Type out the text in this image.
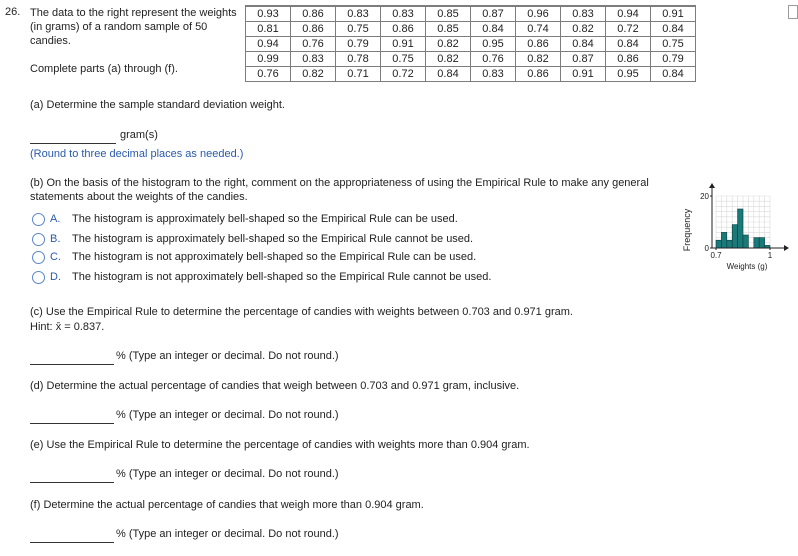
26. The data to the right represent the weights (in grams) of a random sample of 50 candies.
Complete parts (a) through (f).
0.93	0.86	0.83	0.83	0.85	0.87	0.96	0.83	0.94	0.91
0.81	0.86	0.75	0.86	0.85	0.84	0.74	0.82	0.72	0.84
0.94	0.76	0.79	0.91	0.82	0.95	0.86	0.84	0.84	0.75
0.99	0.83	0.78	0.75	0.82	0.76	0.82	0.87	0.86	0.79
0.76	0.82	0.71	0.72	0.84	0.83	0.86	0.91	0.95	0.84
(a) Determine the sample standard deviation weight.
gram(s)
(Round to three decimal places as needed.)
(b) On the basis of the histogram to the right, comment on the appropriateness of using the Empirical Rule to make any general statements about the weights of the candies.
A. The histogram is approximately bell-shaped so the Empirical Rule can be used.
B. The histogram is approximately bell-shaped so the Empirical Rule cannot be used.
C. The histogram is not approximately bell-shaped so the Empirical Rule can be used.
D. The histogram is not approximately bell-shaped so the Empirical Rule cannot be used.
Frequency 0
20
0.7	1
Weights (g)
(c) Use the Empirical Rule to determine the percentage of candies with weights between 0.703 and 0.971 gram.
Hint: x̄ = 0.837.
% (Type an integer or decimal. Do not round.)
(d) Determine the actual percentage of candies that weigh between 0.703 and 0.971 gram, inclusive.
% (Type an integer or decimal. Do not round.)
(e) Use the Empirical Rule to determine the percentage of candies with weights more than 0.904 gram.
% (Type an integer or decimal. Do not round.)
(f) Determine the actual percentage of candies that weigh more than 0.904 gram.
% (Type an integer or decimal. Do not round.)
